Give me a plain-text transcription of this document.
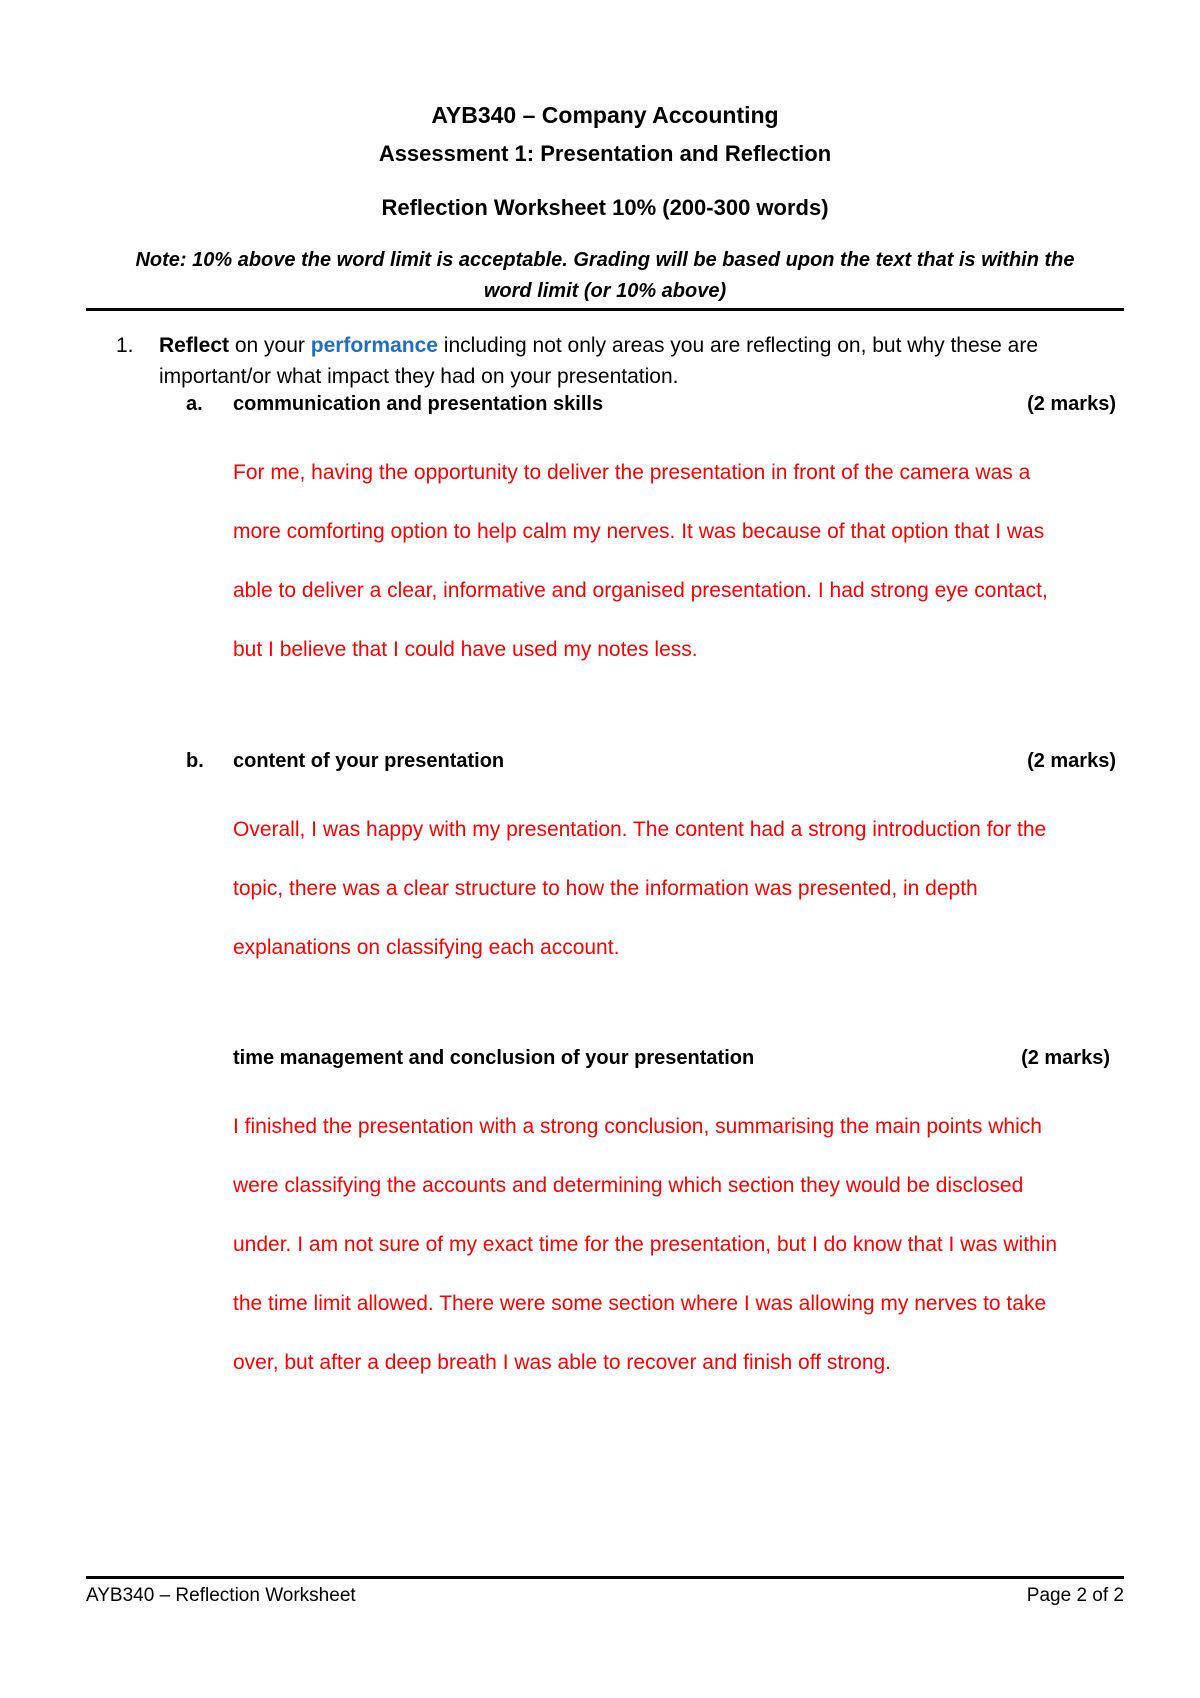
AYB340 – Company Accounting
Assessment 1: Presentation and Reflection
Reflection Worksheet 10% (200-300 words)
Note: 10% above the word limit is acceptable. Grading will be based upon the text that is within the
word limit (or 10% above)
1. Reflect on your performance including not only areas you are reflecting on, but why these are important/or what impact they had on your presentation.
a. communication and presentation skills	(2 marks)
For me, having the opportunity to deliver the presentation in front of the camera was a
more comforting option to help calm my nerves. It was because of that option that I was
able to deliver a clear, informative and organised presentation. I had strong eye contact,
but I believe that I could have used my notes less.
b. content of your presentation	(2 marks)
Overall, I was happy with my presentation. The content had a strong introduction for the
topic, there was a clear structure to how the information was presented, in depth
explanations on classifying each account.
time management and conclusion of your presentation	(2 marks)
I finished the presentation with a strong conclusion, summarising the main points which
were classifying the accounts and determining which section they would be disclosed
under. I am not sure of my exact time for the presentation, but I do know that I was within
the time limit allowed. There were some section where I was allowing my nerves to take
over, but after a deep breath I was able to recover and finish off strong.
AYB340 – Reflection Worksheet	Page 2 of 2
